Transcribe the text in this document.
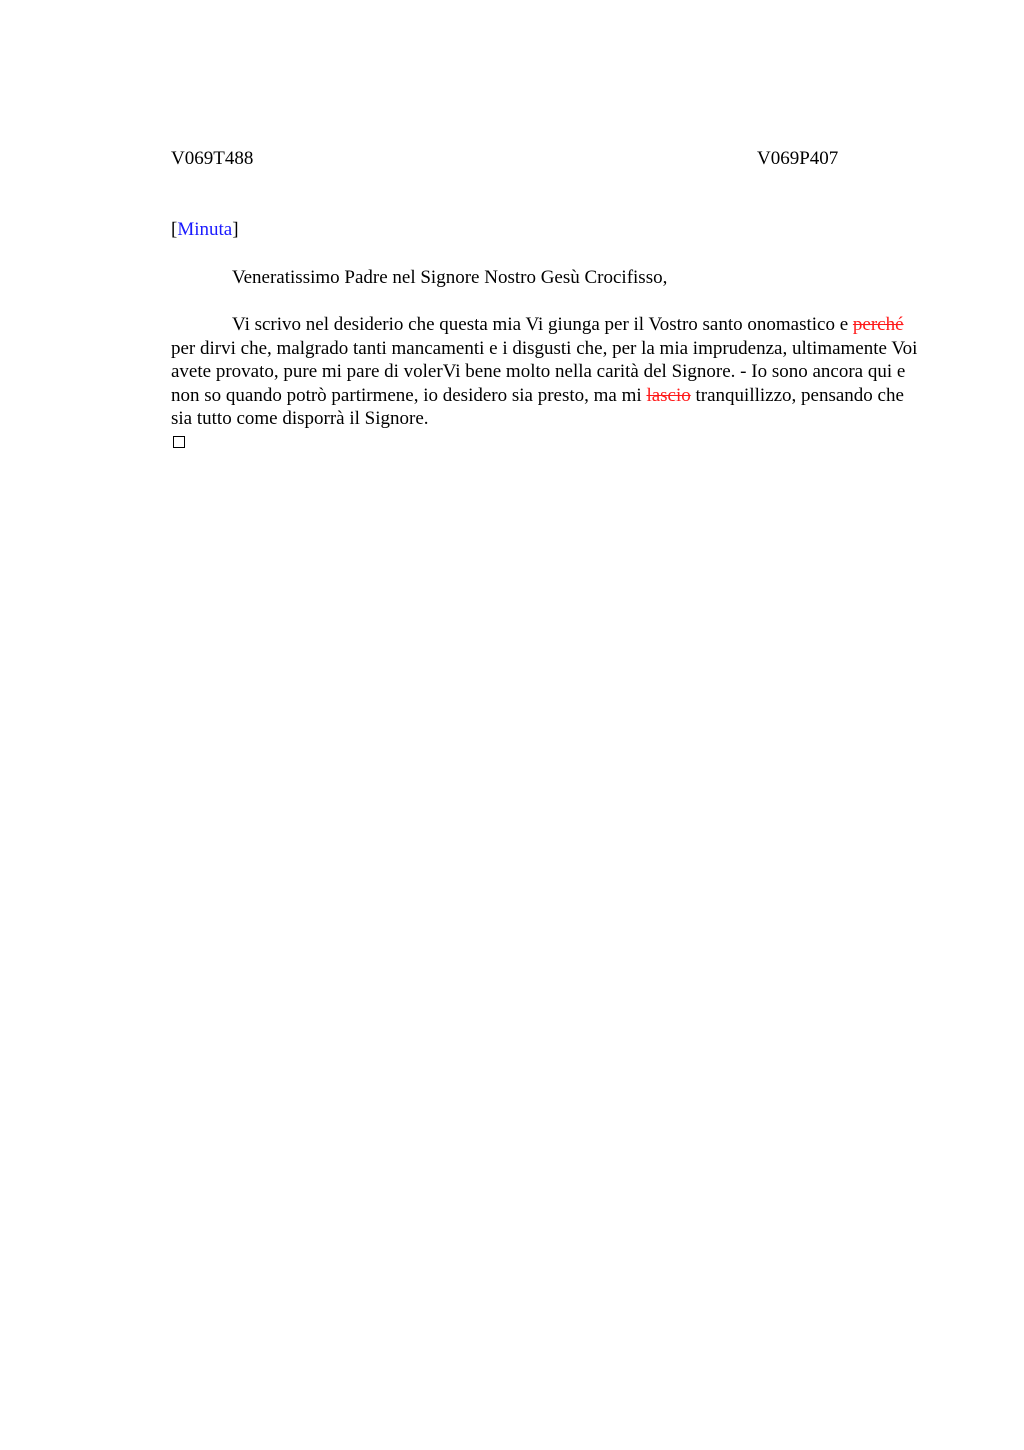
V069T488	V069P407
[Minuta]
Veneratissimo Padre nel Signore Nostro Gesù Crocifisso,

Vi scrivo nel desiderio che questa mia Vi giunga per il Vostro santo onomastico e perché per dirvi che, malgrado tanti mancamenti e i disgusti che, per la mia imprudenza, ultimamente Voi avete provato, pure mi pare di volerVi bene molto nella carità del Signore. - Io sono ancora qui e non so quando potrò partirmene, io desidero sia presto, ma mi lascio tranquillizzo, pensando che sia tutto come disporrà il Signore.
